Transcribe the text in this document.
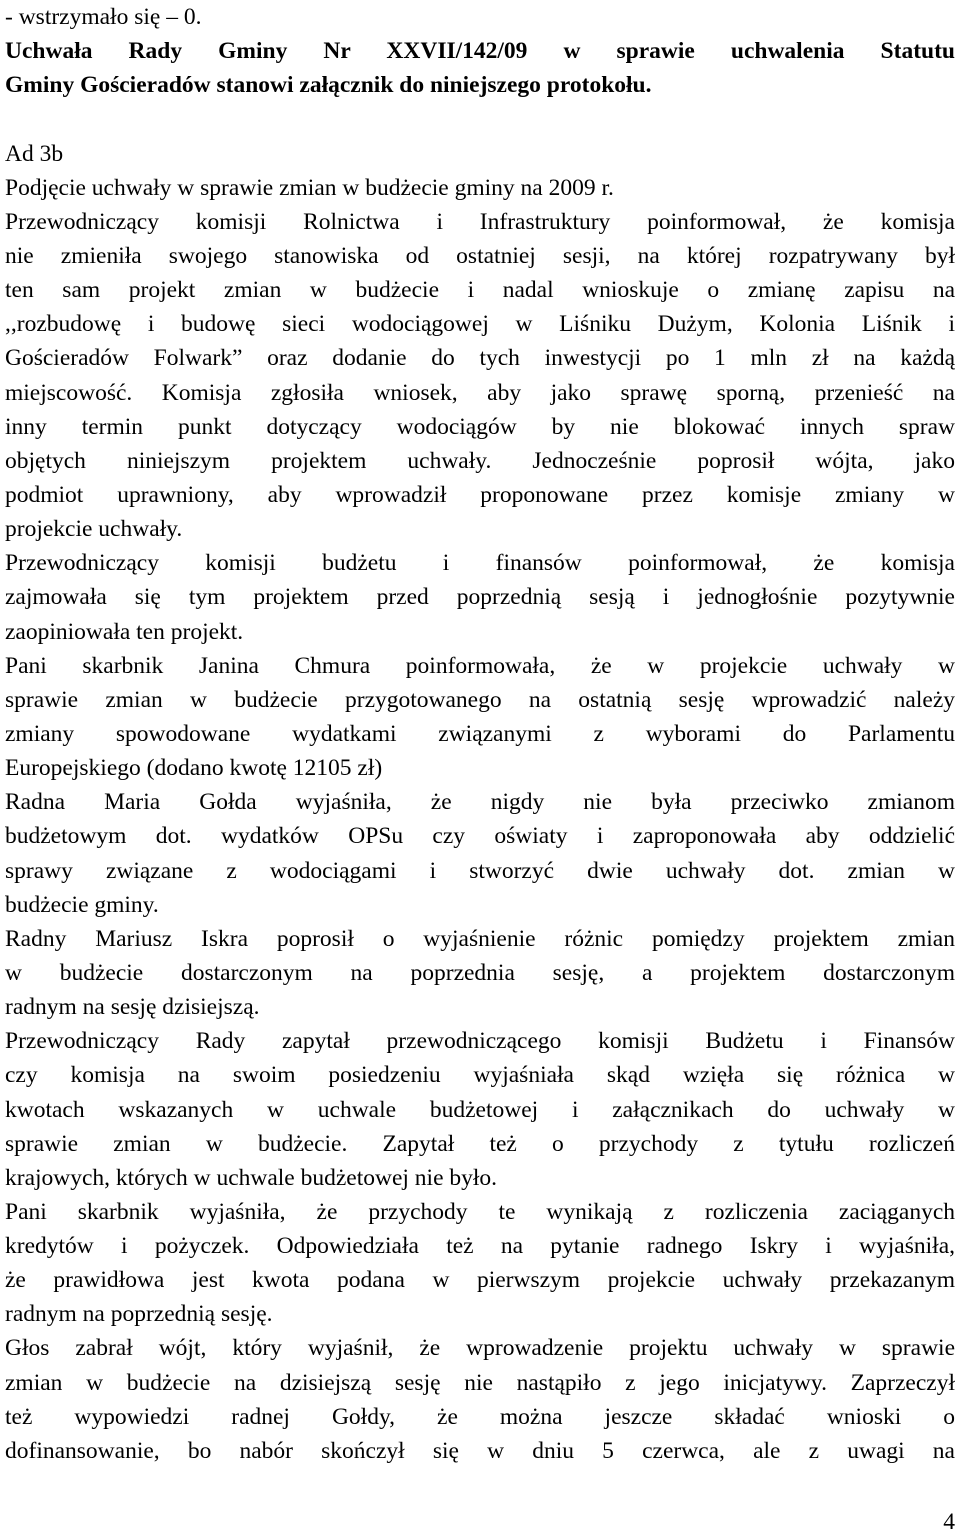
- wstrzymało się – 0.
Uchwała Rady Gminy Nr XXVII/142/09 w sprawie uchwalenia Statutu
Gminy Gościeradów stanowi załącznik do niniejszego protokołu.
Ad 3b
Podjęcie uchwały w sprawie zmian w budżecie gminy na 2009 r.
Przewodniczący komisji Rolnictwa i Infrastruktury poinformował, że komisja
nie zmieniła swojego stanowiska od ostatniej sesji, na której rozpatrywany był
ten sam projekt zmian w budżecie i nadal wnioskuje o zmianę zapisu na
,,rozbudowę i budowę sieci wodociągowej w Liśniku Dużym, Kolonia Liśnik i
Gościeradów Folwark” oraz dodanie do tych inwestycji po 1 mln zł na każdą
miejscowość. Komisja zgłosiła wniosek, aby jako sprawę sporną, przenieść na
inny termin punkt dotyczący wodociągów by nie blokować innych spraw
objętych niniejszym projektem uchwały. Jednocześnie poprosił wójta, jako
podmiot uprawniony, aby wprowadził proponowane przez komisje zmiany w
projekcie uchwały.
Przewodniczący komisji budżetu i finansów poinformował, że komisja
zajmowała się tym projektem przed poprzednią sesją i jednogłośnie pozytywnie
zaopiniowała ten projekt.
Pani skarbnik Janina Chmura poinformowała, że w projekcie uchwały w
sprawie zmian w budżecie przygotowanego na ostatnią sesję wprowadzić należy
zmiany spowodowane wydatkami związanymi z wyborami do Parlamentu
Europejskiego (dodano kwotę 12105 zł)
Radna Maria Gołda wyjaśniła, że nigdy nie była przeciwko zmianom
budżetowym dot. wydatków OPSu czy oświaty i zaproponowała aby oddzielić
sprawy związane z wodociągami i stworzyć dwie uchwały dot. zmian w
budżecie gminy.
Radny Mariusz Iskra poprosił o wyjaśnienie różnic pomiędzy projektem zmian
w budżecie dostarczonym na poprzednia sesję, a projektem dostarczonym
radnym na sesję dzisiejszą.
Przewodniczący Rady zapytał przewodniczącego komisji Budżetu i Finansów
czy komisja na swoim posiedzeniu wyjaśniała skąd wzięła się różnica w
kwotach wskazanych w uchwale budżetowej i załącznikach do uchwały w
sprawie zmian w budżecie. Zapytał też o przychody z tytułu rozliczeń
krajowych, których w uchwale budżetowej nie było.
Pani skarbnik wyjaśniła, że przychody te wynikają z rozliczenia zaciąganych
kredytów i pożyczek. Odpowiedziała też na pytanie radnego Iskry i wyjaśniła,
że prawidłowa jest kwota podana w pierwszym projekcie uchwały przekazanym
radnym na poprzednią sesję.
Głos zabrał wójt, który wyjaśnił, że wprowadzenie projektu uchwały w sprawie
zmian w budżecie na dzisiejszą sesję nie nastąpiło z jego inicjatywy. Zaprzeczył
też wypowiedzi radnej Gołdy, że można jeszcze składać wnioski o
dofinansowanie, bo nabór skończył się w dniu 5 czerwca, ale z uwagi na
4
